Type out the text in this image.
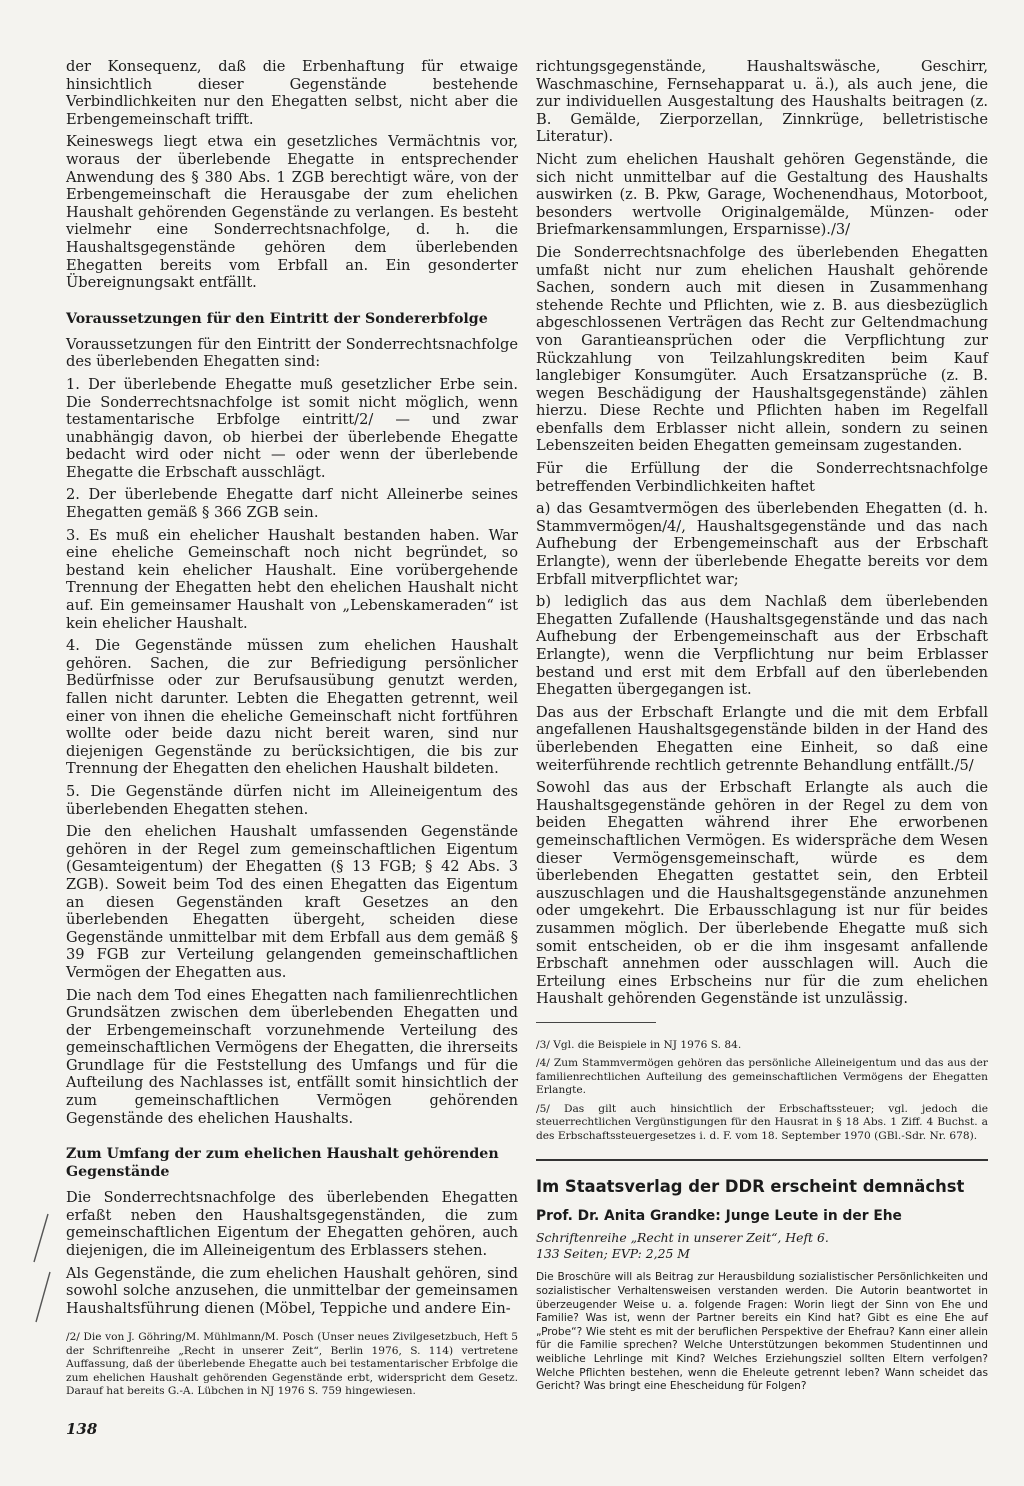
der Konsequenz, daß die Erbenhaftung für etwaige hinsichtlich dieser Gegenstände bestehende Verbindlichkeiten nur den Ehegatten selbst, nicht aber die Erbengemeinschaft trifft.

Keineswegs liegt etwa ein gesetzliches Vermächtnis vor, woraus der überlebende Ehegatte in entsprechender Anwendung des § 380 Abs. 1 ZGB berechtigt wäre, von der Erbengemeinschaft die Herausgabe der zum ehelichen Haushalt gehörenden Gegenstände zu verlangen. Es besteht vielmehr eine Sonderrechtsnachfolge, d. h. die Haushaltsgegenstände gehören dem überlebenden Ehegatten bereits vom Erbfall an. Ein gesonderter Übereignungsakt entfällt.

Voraussetzungen für den Eintritt der Sondererbfolge

Voraussetzungen für den Eintritt der Sonderrechtsnachfolge des überlebenden Ehegatten sind:

1. Der überlebende Ehegatte muß gesetzlicher Erbe sein. Die Sonderrechtsnachfolge ist somit nicht möglich, wenn testamentarische Erbfolge eintritt/2/ — und zwar unabhängig davon, ob hierbei der überlebende Ehegatte bedacht wird oder nicht — oder wenn der überlebende Ehegatte die Erbschaft ausschlägt.

2. Der überlebende Ehegatte darf nicht Alleinerbe seines Ehegatten gemäß § 366 ZGB sein.

3. Es muß ein ehelicher Haushalt bestanden haben. War eine eheliche Gemeinschaft noch nicht begründet, so bestand kein ehelicher Haushalt. Eine vorübergehende Trennung der Ehegatten hebt den ehelichen Haushalt nicht auf. Ein gemeinsamer Haushalt von „Lebenskameraden“ ist kein ehelicher Haushalt.

4. Die Gegenstände müssen zum ehelichen Haushalt gehören. Sachen, die zur Befriedigung persönlicher Bedürfnisse oder zur Berufsausübung genutzt werden, fallen nicht darunter. Lebten die Ehegatten getrennt, weil einer von ihnen die eheliche Gemeinschaft nicht fortführen wollte oder beide dazu nicht bereit waren, sind nur diejenigen Gegenstände zu berücksichtigen, die bis zur Trennung der Ehegatten den ehelichen Haushalt bildeten.

5. Die Gegenstände dürfen nicht im Alleineigentum des überlebenden Ehegatten stehen.

Die den ehelichen Haushalt umfassenden Gegenstände gehören in der Regel zum gemeinschaftlichen Eigentum (Gesamteigentum) der Ehegatten (§ 13 FGB; § 42 Abs. 3 ZGB). Soweit beim Tod des einen Ehegatten das Eigentum an diesen Gegenständen kraft Gesetzes an den überlebenden Ehegatten übergeht, scheiden diese Gegenstände unmittelbar mit dem Erbfall aus dem gemäß § 39 FGB zur Verteilung gelangenden gemeinschaftlichen Vermögen der Ehegatten aus.

Die nach dem Tod eines Ehegatten nach familienrechtlichen Grundsätzen zwischen dem überlebenden Ehegatten und der Erbengemeinschaft vorzunehmende Verteilung des gemeinschaftlichen Vermögens der Ehegatten, die ihrerseits Grundlage für die Feststellung des Umfangs und für die Aufteilung des Nachlasses ist, entfällt somit hinsichtlich der zum gemeinschaftlichen Vermögen gehörenden Gegenstände des ehelichen Haushalts.

Zum Umfang der zum ehelichen Haushalt gehörenden Gegenstände

Die Sonderrechtsnachfolge des überlebenden Ehegatten erfaßt neben den Haushaltsgegenständen, die zum gemeinschaftlichen Eigentum der Ehegatten gehören, auch diejenigen, die im Alleineigentum des Erblassers stehen.

Als Gegenstände, die zum ehelichen Haushalt gehören, sind sowohl solche anzusehen, die unmittelbar der gemeinsamen Haushaltsführung dienen (Möbel, Teppiche und andere Ein-

/2/ Die von J. Göhring/M. Mühlmann/M. Posch (Unser neues Zivilgesetzbuch, Heft 5 der Schriftenreihe „Recht in unserer Zeit“, Berlin 1976, S. 114) vertretene Auffassung, daß der überlebende Ehegatte auch bei testamentarischer Erbfolge die zum ehelichen Haushalt gehörenden Gegenstände erbt, widerspricht dem Gesetz. Darauf hat bereits G.-A. Lübchen in NJ 1976 S. 759 hingewiesen.

richtungsgegenstände, Haushaltswäsche, Geschirr, Waschmaschine, Fernsehapparat u. ä.), als auch jene, die zur individuellen Ausgestaltung des Haushalts beitragen (z. B. Gemälde, Zierporzellan, Zinnkrüge, belletristische Literatur).

Nicht zum ehelichen Haushalt gehören Gegenstände, die sich nicht unmittelbar auf die Gestaltung des Haushalts auswirken (z. B. Pkw, Garage, Wochenendhaus, Motorboot, besonders wertvolle Originalgemälde, Münzen- oder Briefmarkensammlungen, Ersparnisse)./3/

Die Sonderrechtsnachfolge des überlebenden Ehegatten umfaßt nicht nur zum ehelichen Haushalt gehörende Sachen, sondern auch mit diesen in Zusammenhang stehende Rechte und Pflichten, wie z. B. aus diesbezüglich abgeschlossenen Verträgen das Recht zur Geltendmachung von Garantieansprüchen oder die Verpflichtung zur Rückzahlung von Teilzahlungskrediten beim Kauf langlebiger Konsumgüter. Auch Ersatzansprüche (z. B. wegen Beschädigung der Haushaltsgegenstände) zählen hierzu. Diese Rechte und Pflichten haben im Regelfall ebenfalls dem Erblasser nicht allein, sondern zu seinen Lebenszeiten beiden Ehegatten gemeinsam zugestanden.

Für die Erfüllung der die Sonderrechtsnachfolge betreffenden Verbindlichkeiten haftet

a) das Gesamtvermögen des überlebenden Ehegatten (d. h. Stammvermögen/4/, Haushaltsgegenstände und das nach Aufhebung der Erbengemeinschaft aus der Erbschaft Erlangte), wenn der überlebende Ehegatte bereits vor dem Erbfall mitverpflichtet war;

b) lediglich das aus dem Nachlaß dem überlebenden Ehegatten Zufallende (Haushaltsgegenstände und das nach Aufhebung der Erbengemeinschaft aus der Erbschaft Erlangte), wenn die Verpflichtung nur beim Erblasser bestand und erst mit dem Erbfall auf den überlebenden Ehegatten übergegangen ist.

Das aus der Erbschaft Erlangte und die mit dem Erbfall angefallenen Haushaltsgegenstände bilden in der Hand des überlebenden Ehegatten eine Einheit, so daß eine weiterführende rechtlich getrennte Behandlung entfällt./5/

Sowohl das aus der Erbschaft Erlangte als auch die Haushaltsgegenstände gehören in der Regel zu dem von beiden Ehegatten während ihrer Ehe erworbenen gemeinschaftlichen Vermögen. Es widerspräche dem Wesen dieser Vermögensgemeinschaft, würde es dem überlebenden Ehegatten gestattet sein, den Erbteil auszuschlagen und die Haushaltsgegenstände anzunehmen oder umgekehrt. Die Erbausschlagung ist nur für beides zusammen möglich. Der überlebende Ehegatte muß sich somit entscheiden, ob er die ihm insgesamt anfallende Erbschaft annehmen oder ausschlagen will. Auch die Erteilung eines Erbscheins nur für die zum ehelichen Haushalt gehörenden Gegenstände ist unzulässig.

/3/ Vgl. die Beispiele in NJ 1976 S. 84.

/4/ Zum Stammvermögen gehören das persönliche Alleineigentum und das aus der familienrechtlichen Aufteilung des gemeinschaftlichen Vermögens der Ehegatten Erlangte.

/5/ Das gilt auch hinsichtlich der Erbschaftssteuer; vgl. jedoch die steuerrechtlichen Vergünstigungen für den Hausrat in § 18 Abs. 1 Ziff. 4 Buchst. a des Erbschaftssteuergesetzes i. d. F. vom 18. September 1970 (GBl.-Sdr. Nr. 678).

Im Staatsverlag der DDR erscheint demnächst

Prof. Dr. Anita Grandke: Junge Leute in der Ehe

Schriftenreihe „Recht in unserer Zeit“, Heft 6.

133 Seiten; EVP: 2,25 M

Die Broschüre will als Beitrag zur Herausbildung sozialistischer Persönlichkeiten und sozialistischer Verhaltensweisen verstanden werden. Die Autorin beantwortet in überzeugender Weise u. a. folgende Fragen: Worin liegt der Sinn von Ehe und Familie? Was ist, wenn der Partner bereits ein Kind hat? Gibt es eine Ehe auf „Probe“? Wie steht es mit der beruflichen Perspektive der Ehefrau? Kann einer allein für die Familie sprechen? Welche Unterstützungen bekommen Studentinnen und weibliche Lehrlinge mit Kind? Welches Erziehungsziel sollten Eltern verfolgen? Welche Pflichten bestehen, wenn die Eheleute getrennt leben? Wann scheidet das Gericht? Was bringt eine Ehescheidung für Folgen?

138
